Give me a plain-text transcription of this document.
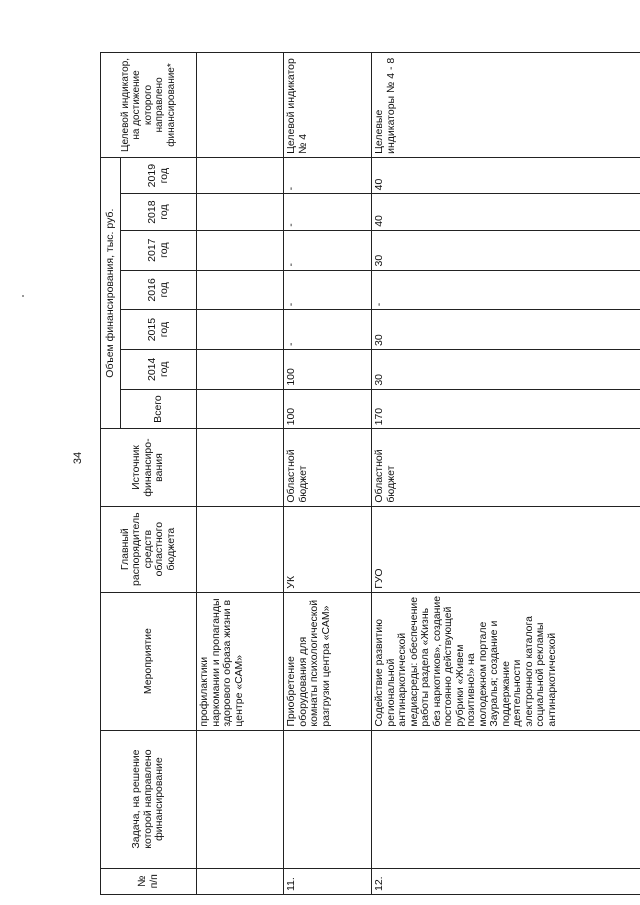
34
№ п/п	Задача, на решение которой направлено финансирование	Мероприятие	Главный распорядитель средств областного бюджета	Источник финансиро-вания	Объем финансирования, тыс. руб.							Целевой индикатор, на достижение которого направлено финансирование*
					Всего	2014 год	2015 год	2016 год	2017 год	2018 год	2019 год	
		профилактики наркомании и пропаганды здорового образа жизни в центре «САМ»										
11.		Приобретение оборудования для комнаты психологической разгрузки центра «САМ»	УК	Областной бюджет	100	100	-	-	-	-	-	Целевой индикатор № 4
12.		Содействие развитию региональной антинаркотической медиасреды: обеспечение работы раздела «Жизнь без наркотиков», создание постоянно действующей рубрики «Живем позитивно!» на молодежном портале Зауралья; создание и поддержание деятельности электронного каталога социальной рекламы антинаркотической	ГУО	Областной бюджет	170	30	30	-	30	40	40	Целевые индикаторы № 4 - 8
